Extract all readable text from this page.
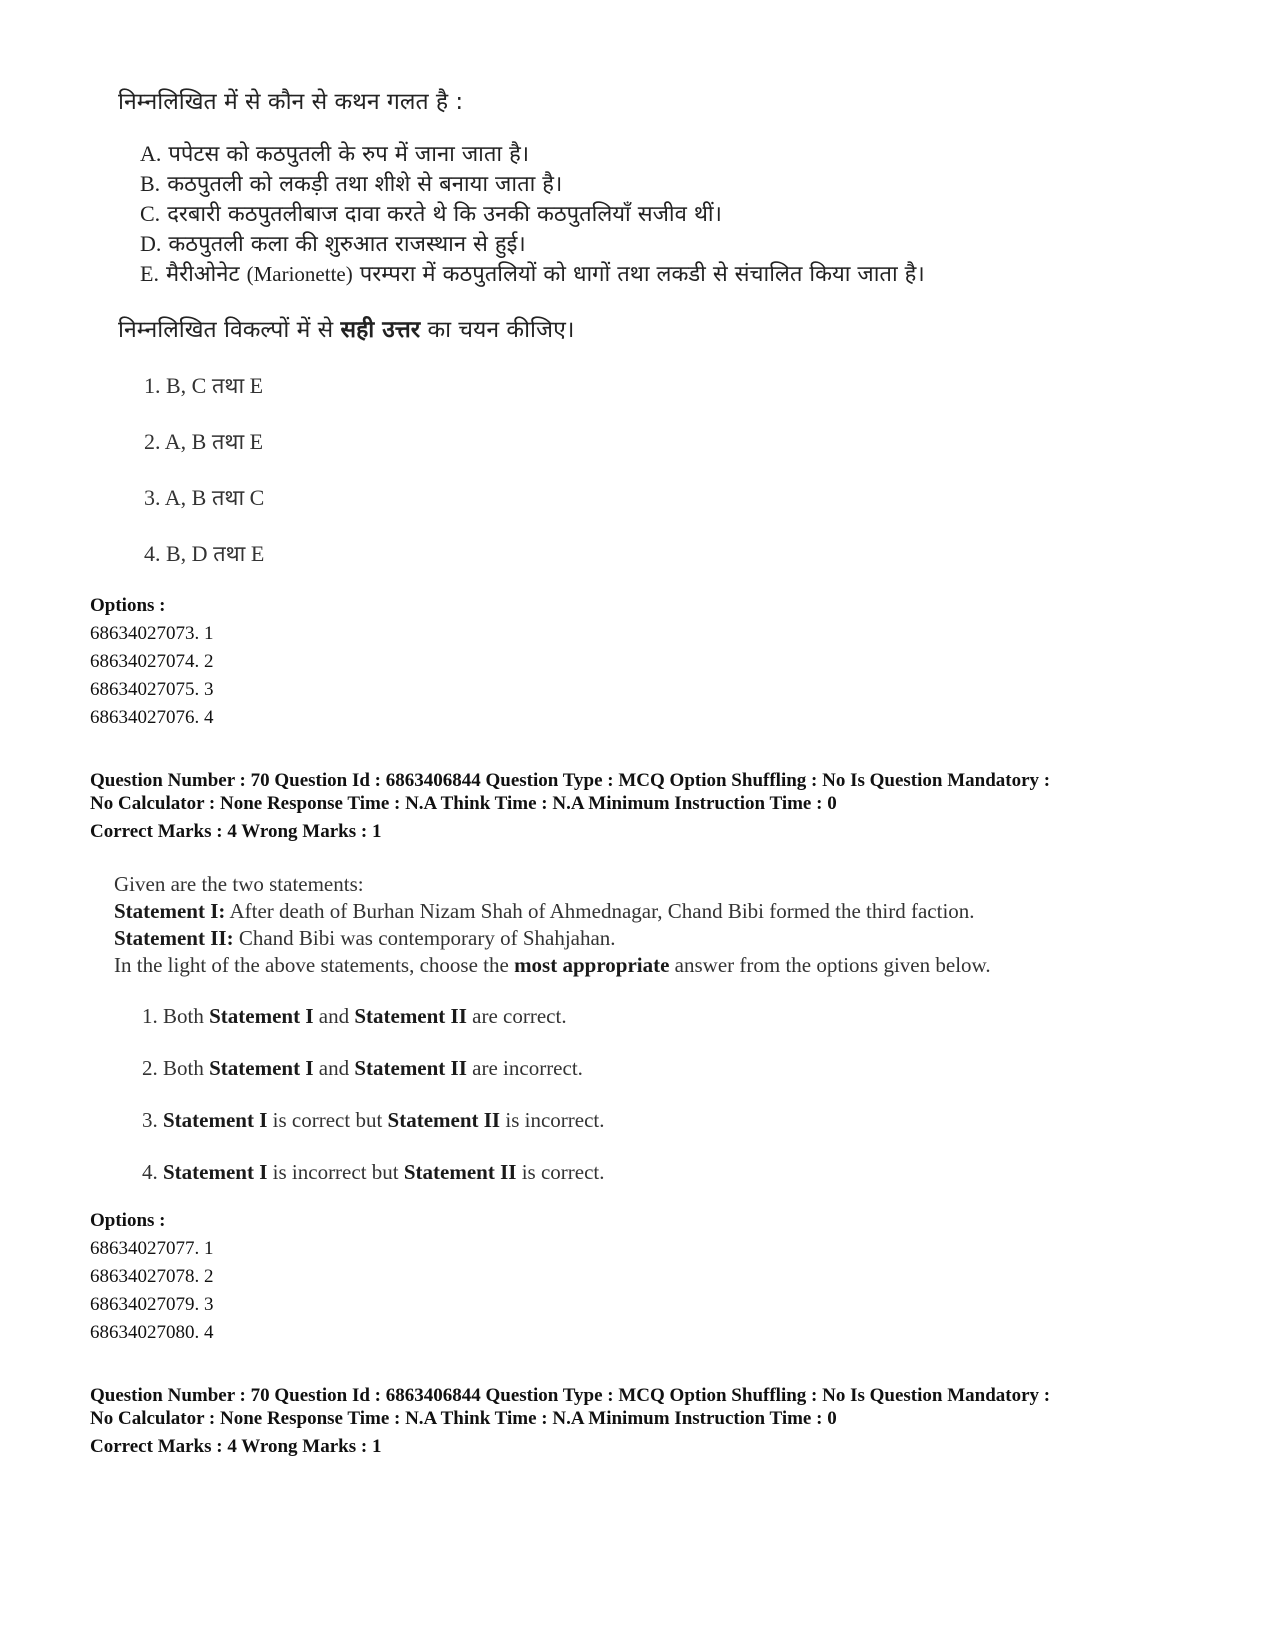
निम्नलिखित में से कौन से कथन गलत है :
A. पपेटस को कठपुतली के रुप में जाना जाता है।
B. कठपुतली को लकड़ी तथा शीशे से बनाया जाता है।
C. दरबारी कठपुतलीबाज दावा करते थे कि उनकी कठपुतलियाँ सजीव थीं।
D. कठपुतली कला की शुरुआत राजस्थान से हुई।
E. मैरीओनेट (Marionette) परम्परा में कठपुतलियों को धागों तथा लकडी से संचालित किया जाता है।
निम्नलिखित विकल्पों में से सही उत्तर का चयन कीजिए।
1. B, C तथा E
2. A, B तथा E
3. A, B तथा C
4. B, D तथा E
Options :
68634027073. 1
68634027074. 2
68634027075. 3
68634027076. 4
Question Number : 70 Question Id : 6863406844 Question Type : MCQ Option Shuffling : No Is Question Mandatory :
No Calculator : None Response Time : N.A Think Time : N.A Minimum Instruction Time : 0
Correct Marks : 4 Wrong Marks : 1
Given are the two statements:
Statement I: After death of Burhan Nizam Shah of Ahmednagar, Chand Bibi formed the third faction.
Statement II: Chand Bibi was contemporary of Shahjahan.
In the light of the above statements, choose the most appropriate answer from the options given below.
1. Both Statement I and Statement II are correct.
2. Both Statement I and Statement II are incorrect.
3. Statement I is correct but Statement II is incorrect.
4. Statement I is incorrect but Statement II is correct.
Options :
68634027077. 1
68634027078. 2
68634027079. 3
68634027080. 4
Question Number : 70 Question Id : 6863406844 Question Type : MCQ Option Shuffling : No Is Question Mandatory :
No Calculator : None Response Time : N.A Think Time : N.A Minimum Instruction Time : 0
Correct Marks : 4 Wrong Marks : 1
